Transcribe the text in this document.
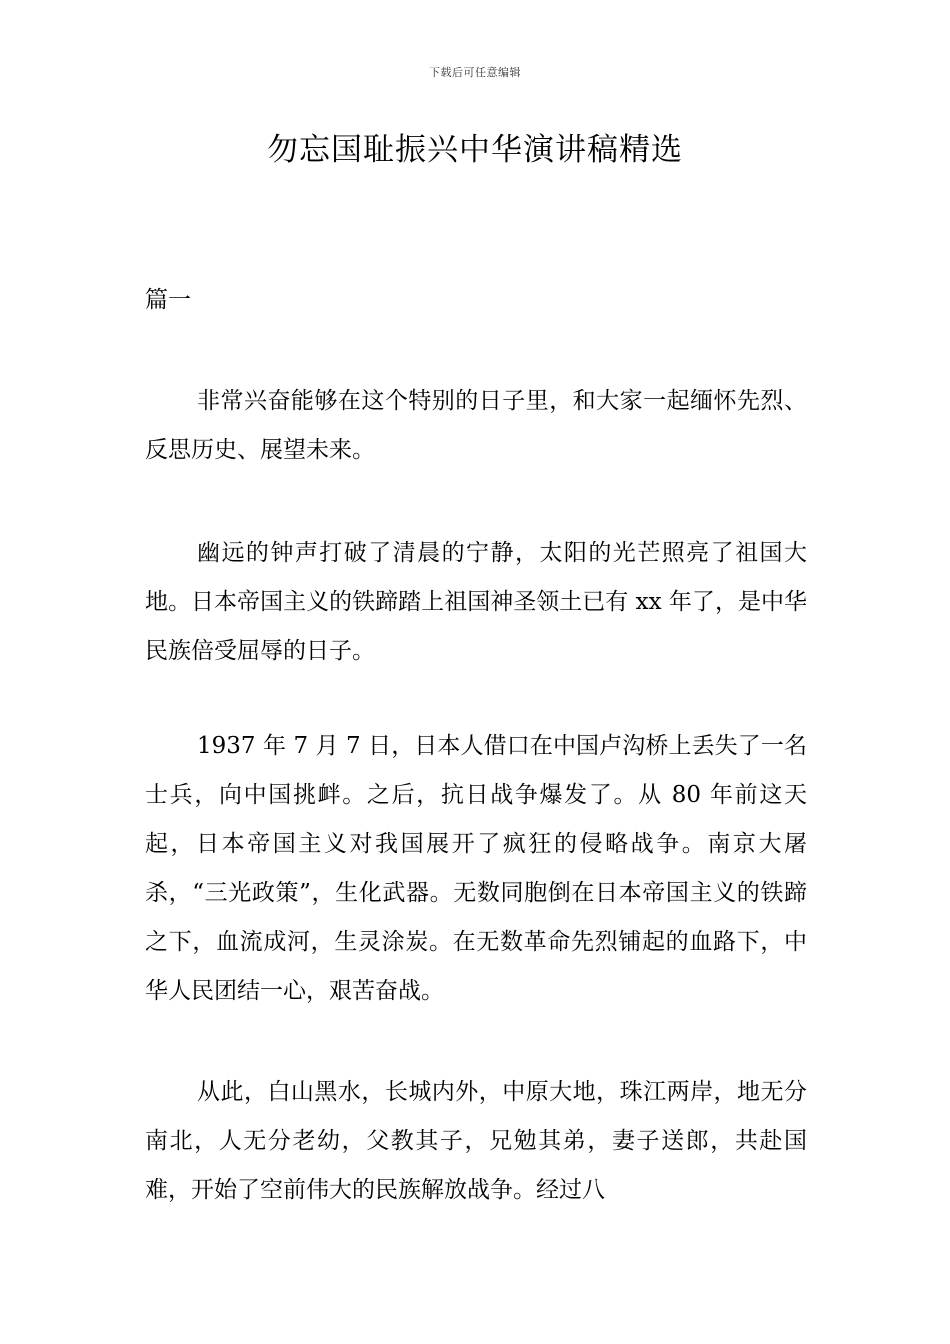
下载后可任意编辑
勿忘国耻振兴中华演讲稿精选
篇一

非常兴奋能够在这个特别的日子里，和大家一起缅怀先烈、反思历史、展望未来。

幽远的钟声打破了清晨的宁静，太阳的光芒照亮了祖国大地。日本帝国主义的铁蹄踏上祖国神圣领土已有 xx 年了，是中华民族倍受屈辱的日子。

1937 年 7 月 7 日，日本人借口在中国卢沟桥上丢失了一名士兵，向中国挑衅。之后，抗日战争爆发了。从 80 年前这天起，日本帝国主义对我国展开了疯狂的侵略战争。南京大屠杀，“三光政策”，生化武器。无数同胞倒在日本帝国主义的铁蹄之下，血流成河，生灵涂炭。在无数革命先烈铺起的血路下，中华人民团结一心，艰苦奋战。

从此，白山黑水，长城内外，中原大地，珠江两岸，地无分南北，人无分老幼，父教其子，兄勉其弟，妻子送郎，共赴国难，开始了空前伟大的民族解放战争。经过八
